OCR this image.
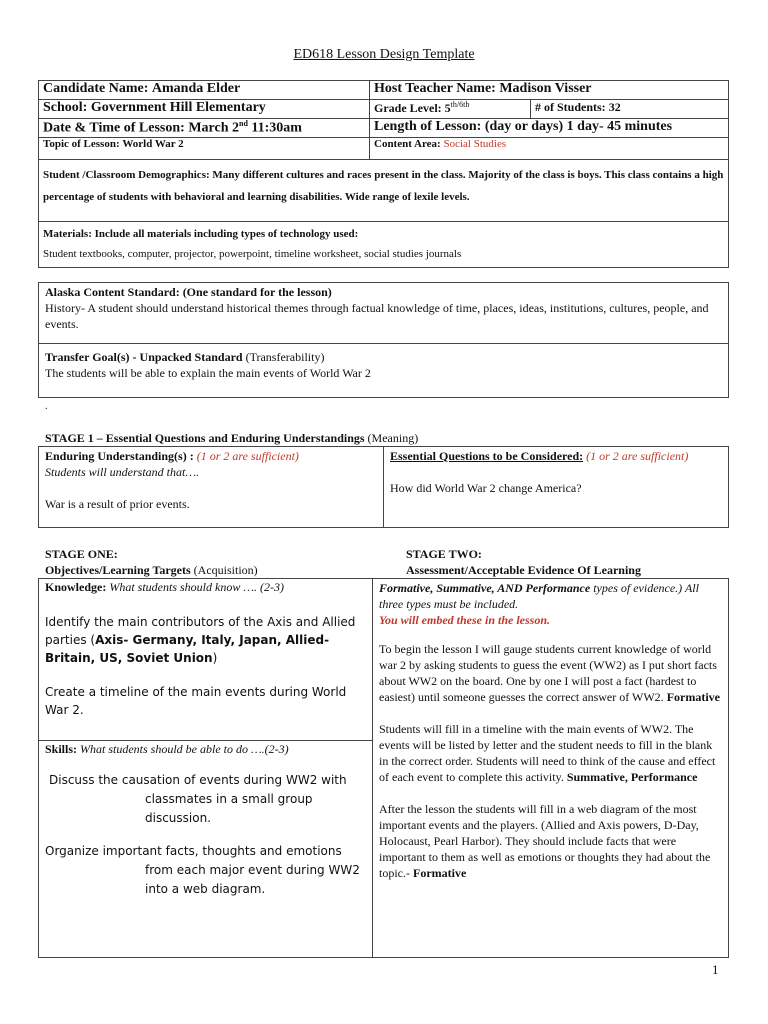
ED618 Lesson Design Template
Candidate Name: Amanda Elder	Host Teacher Name: Madison Visser	
School: Government Hill Elementary	Grade Level: $5^{th/6th}$	# of Students: 32
Date & Time of Lesson: March 2nd 11:30am	Length of Lesson: (day or days) 1 day- 45 minutes	
Topic of Lesson: World War 2	Content Area: Social Studies	
Student /Classroom Demographics: Many different cultures and races present in the class. Majority of the class is boys. This class contains a high percentage of students with behavioral and learning disabilities. Wide range of lexile levels.		

Materials: Include all materials including types of technology used:
Student textbooks, computer, projector, powerpoint, timeline worksheet, social studies journals		
Alaska Content Standard: (One standard for the lesson)
History- A student should understand historical themes through factual knowledge of time, places, ideas, institutions, cultures, people, and events.
Transfer Goal(s) - Unpacked Standard (Transferability)
The students will be able to explain the main events of World War 2
.
STAGE 1 – Essential Questions and Enduring Understandings (Meaning)
Enduring Understanding(s) : (1 or 2 are sufficient)
Students will understand that….
War is a result of prior events.
Essential Questions to be Considered: (1 or 2 are sufficient)
How did World War 2 change America?
STAGE ONE:
Objectives/Learning Targets (Acquisition)
STAGE TWO:
Assessment/Acceptable Evidence Of Learning
Knowledge: What students should know …. (2-3)
Identify the main contributors of the Axis and Allied parties (Axis- Germany, Italy, Japan, Allied- Britain, US, Soviet Union)
Create a timeline of the main events during World War 2.
Skills: What students should be able to do ….(2-3)
Discuss the causation of events during WW2 with classmates in a small group discussion.
Organize important facts, thoughts and emotions from each major event during WW2 into a web diagram.
Formative, Summative, AND Performance types of evidence.) All three types must be included.
You will embed these in the lesson.
To begin the lesson I will gauge students current knowledge of world war 2 by asking students to guess the event (WW2) as I put short facts about WW2 on the board. One by one I will post a fact (hardest to easiest) until someone guesses the correct answer of WW2. Formative
Students will fill in a timeline with the main events of WW2. The events will be listed by letter and the student needs to fill in the blank in the correct order. Students will need to think of the cause and effect of each event to complete this activity. Summative, Performance
After the lesson the students will fill in a web diagram of the most important events and the players. (Allied and Axis powers, D-Day, Holocaust, Pearl Harbor). They should include facts that were important to them as well as emotions or thoughts they had about the topic.- Formative
1
